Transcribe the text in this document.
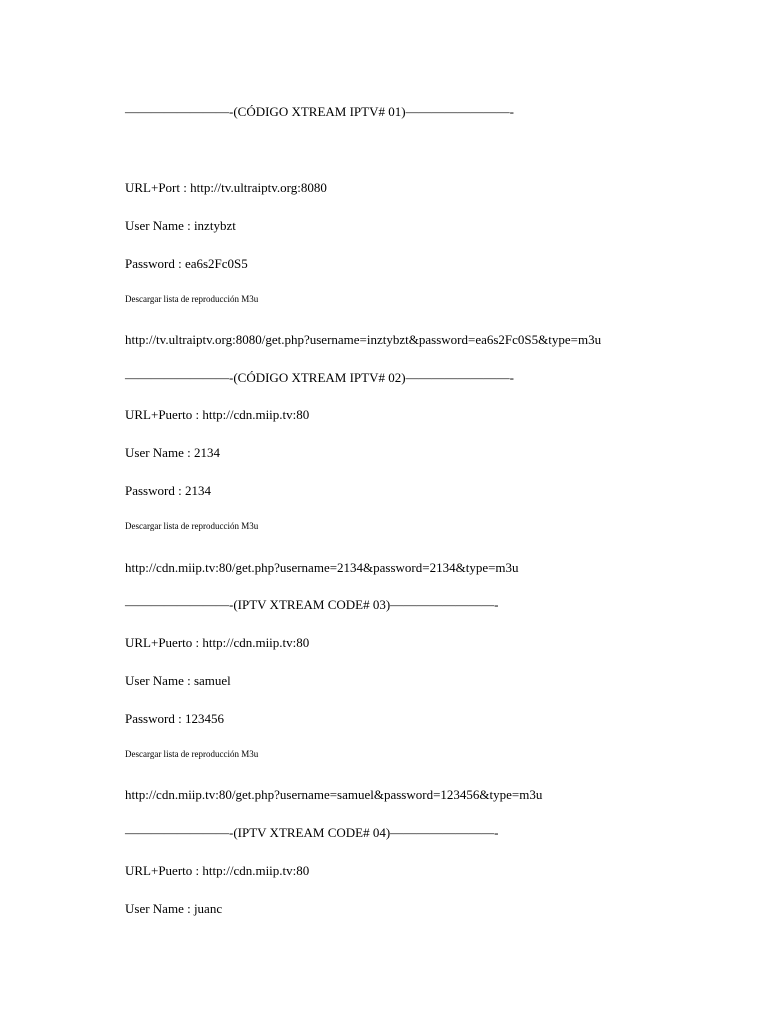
————————-(CÓDIGO XTREAM IPTV# 01)————————-
URL+Port : http://tv.ultraiptv.org:8080
User Name : inztybzt
Password : ea6s2Fc0S5
Descargar lista de reproducción M3u
http://tv.ultraiptv.org:8080/get.php?username=inztybzt&password=ea6s2Fc0S5&type=m3u
————————-(CÓDIGO XTREAM IPTV# 02)————————-
URL+Puerto : http://cdn.miip.tv:80
User Name : 2134
Password : 2134
Descargar lista de reproducción M3u
http://cdn.miip.tv:80/get.php?username=2134&password=2134&type=m3u
————————-(IPTV XTREAM CODE# 03)————————-
URL+Puerto : http://cdn.miip.tv:80
User Name : samuel
Password : 123456
Descargar lista de reproducción M3u
http://cdn.miip.tv:80/get.php?username=samuel&password=123456&type=m3u
————————-(IPTV XTREAM CODE# 04)————————-
URL+Puerto : http://cdn.miip.tv:80
User Name : juanc
